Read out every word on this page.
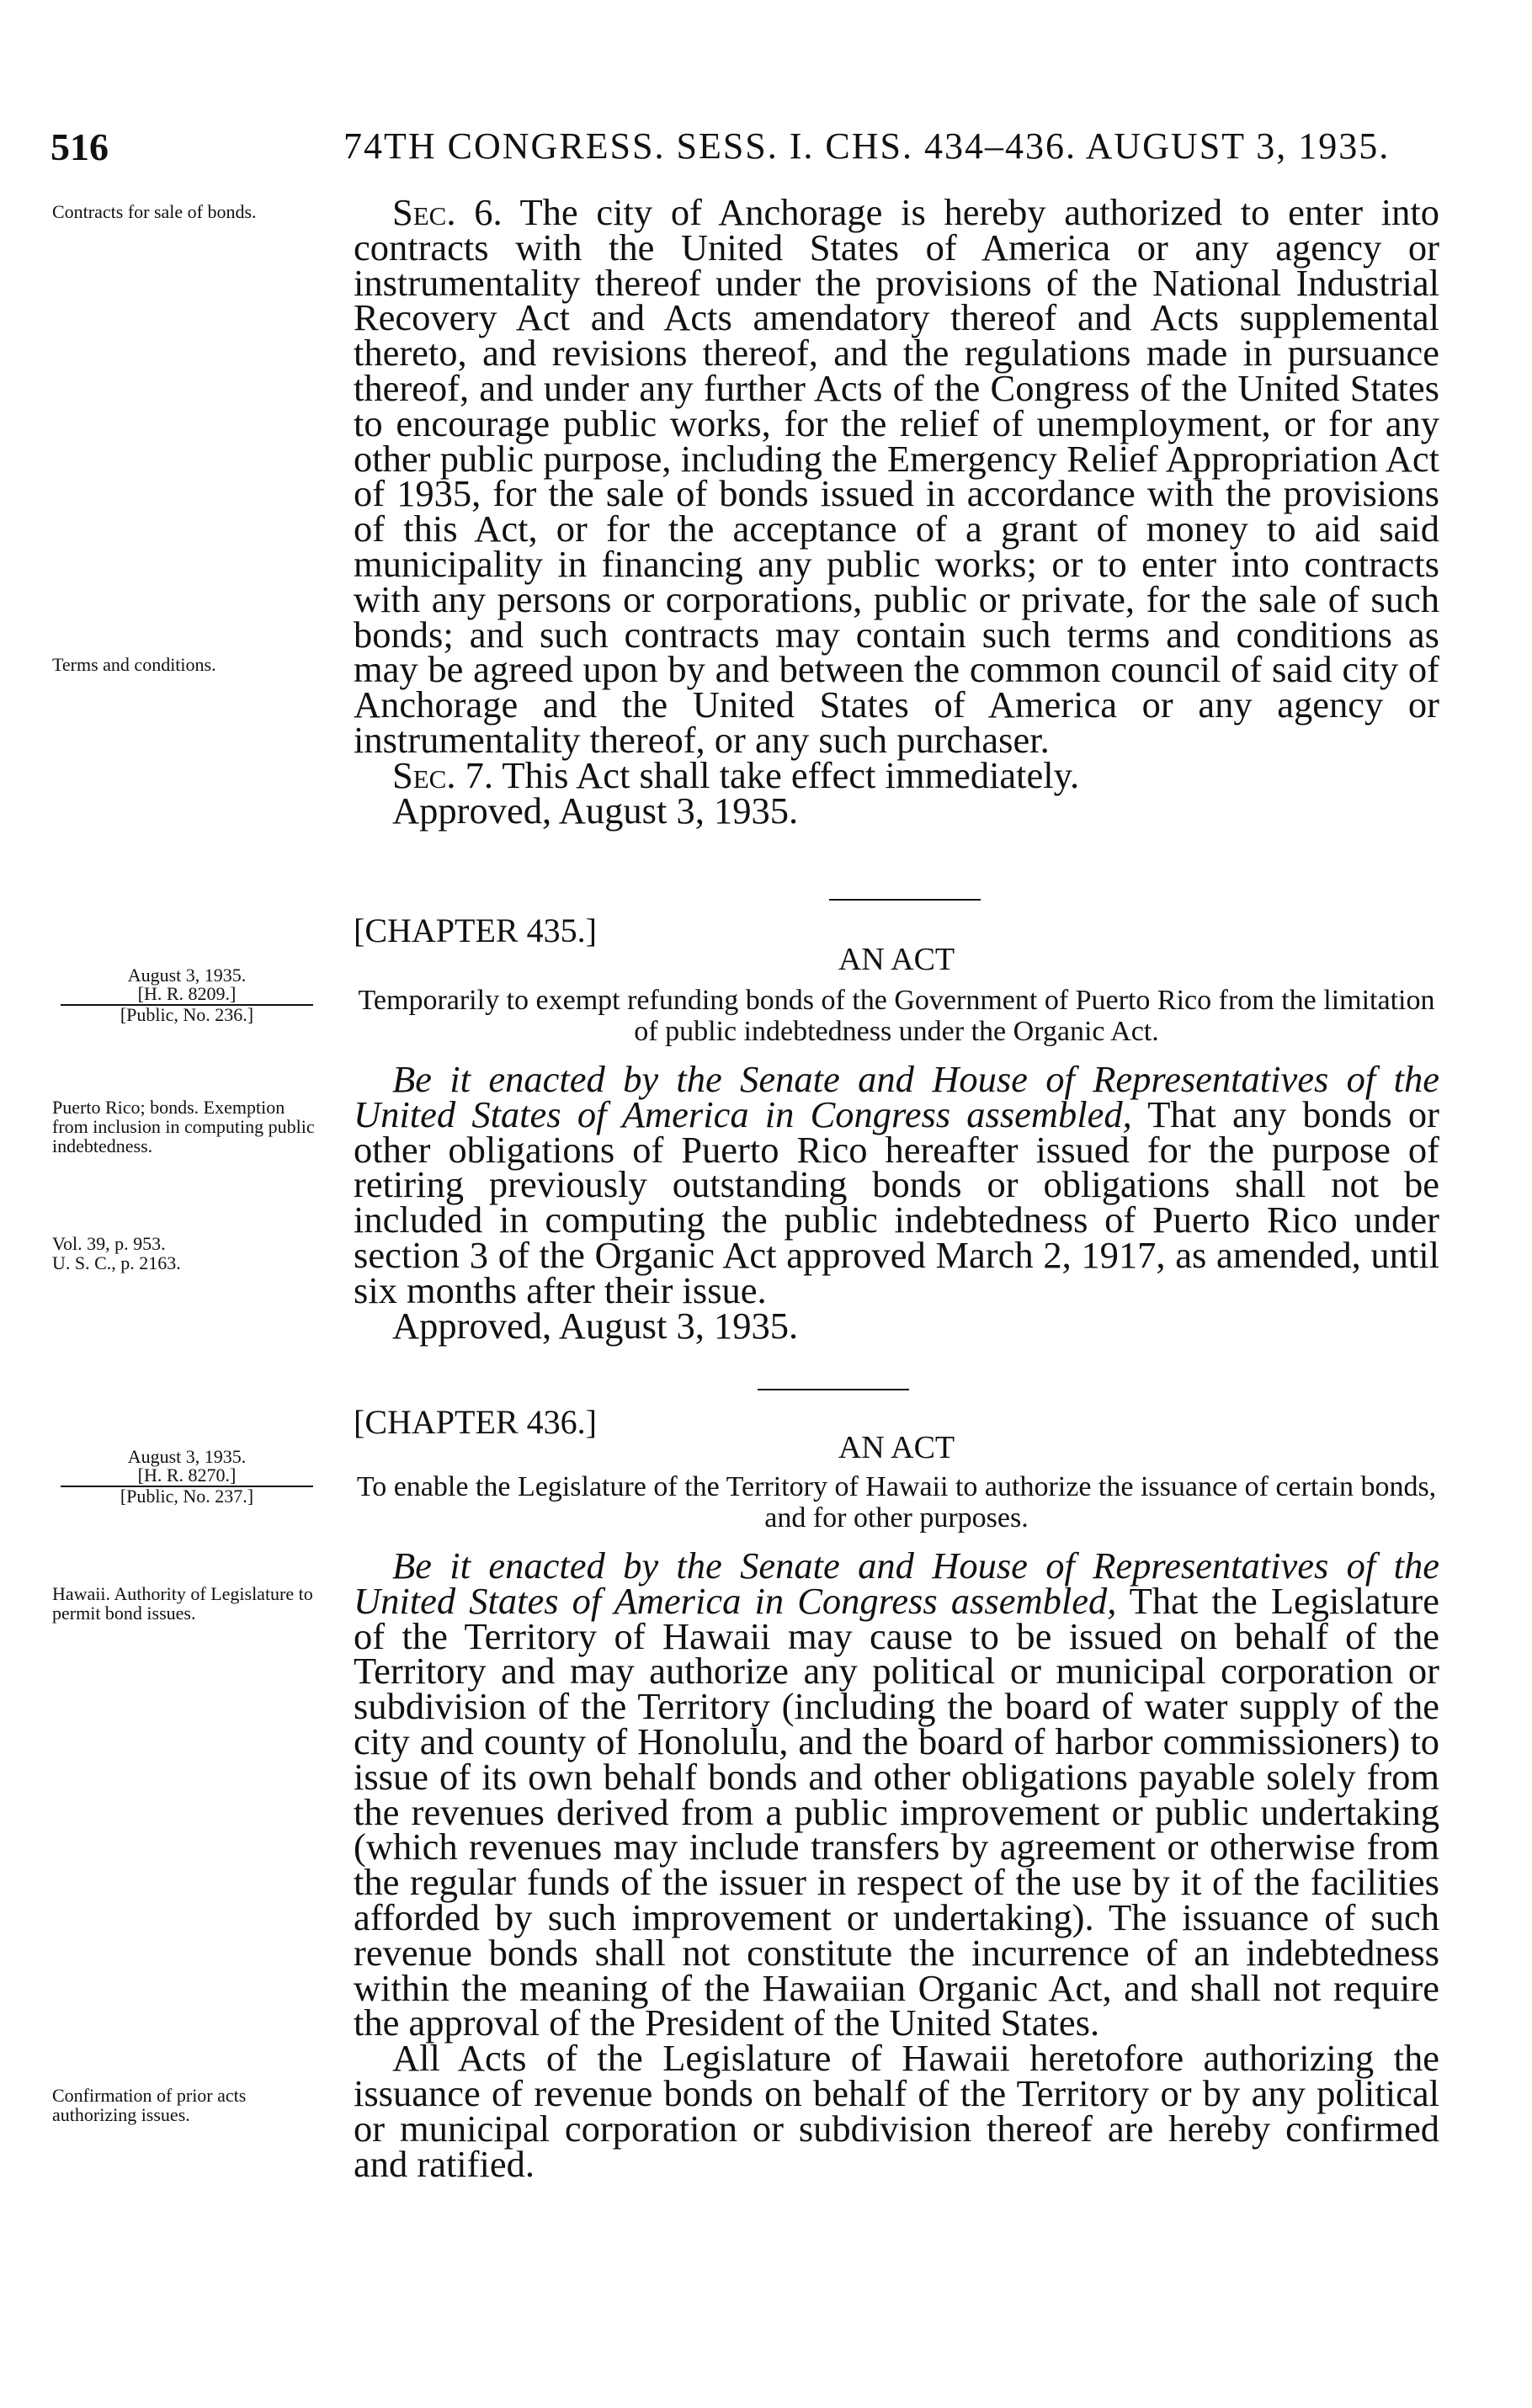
516	74TH CONGRESS. SESS. I. CHS. 434–436. AUGUST 3, 1935.
Contracts for sale of bonds.
Terms and conditions.

Sec. 6. The city of Anchorage is hereby authorized to enter into contracts with the United States of America or any agency or instrumentality thereof under the provisions of the National Industrial Recovery Act and Acts amendatory thereof and Acts supplemental thereto, and revisions thereof, and the regulations made in pursuance thereof, and under any further Acts of the Congress of the United States to encourage public works, for the relief of unemployment, or for any other public purpose, including the Emergency Relief Appropriation Act of 1935, for the sale of bonds issued in accordance with the provisions of this Act, or for the acceptance of a grant of money to aid said municipality in financing any public works; or to enter into contracts with any persons or corporations, public or private, for the sale of such bonds; and such contracts may contain such terms and conditions as may be agreed upon by and between the common council of said city of Anchorage and the United States of America or any agency or instrumentality thereof, or any such purchaser.

Sec. 7. This Act shall take effect immediately.

Approved, August 3, 1935.

[CHAPTER 435.]
AN ACT
August 3, 1935.
[H. R. 8209.]
[Public, No. 236.]	Temporarily to exempt refunding bonds of the Government of Puerto Rico from the limitation of public indebtedness under the Organic Act.
Puerto Rico; bonds. Exemption from inclusion in computing public indebtedness.
Vol. 39, p. 953.
U. S. C., p. 2163.

Be it enacted by the Senate and House of Representatives of the United States of America in Congress assembled, That any bonds or other obligations of Puerto Rico hereafter issued for the purpose of retiring previously outstanding bonds or obligations shall not be included in computing the public indebtedness of Puerto Rico under section 3 of the Organic Act approved March 2, 1917, as amended, until six months after their issue.

Approved, August 3, 1935.

[CHAPTER 436.]
AN ACT
August 3, 1935.
[H. R. 8270.]
[Public, No. 237.]	To enable the Legislature of the Territory of Hawaii to authorize the issuance of certain bonds, and for other purposes.
Hawaii. Authority of Legislature to permit bond issues.
Confirmation of prior acts authorizing issues.

Be it enacted by the Senate and House of Representatives of the United States of America in Congress assembled, That the Legislature of the Territory of Hawaii may cause to be issued on behalf of the Territory and may authorize any political or municipal corporation or subdivision of the Territory (including the board of water supply of the city and county of Honolulu, and the board of harbor commissioners) to issue of its own behalf bonds and other obligations payable solely from the revenues derived from a public improvement or public undertaking (which revenues may include transfers by agreement or otherwise from the regular funds of the issuer in respect of the use by it of the facilities afforded by such improvement or undertaking). The issuance of such revenue bonds shall not constitute the incurrence of an indebtedness within the meaning of the Hawaiian Organic Act, and shall not require the approval of the President of the United States.

All Acts of the Legislature of Hawaii heretofore authorizing the issuance of revenue bonds on behalf of the Territory or by any political or municipal corporation or subdivision thereof are hereby confirmed and ratified.
